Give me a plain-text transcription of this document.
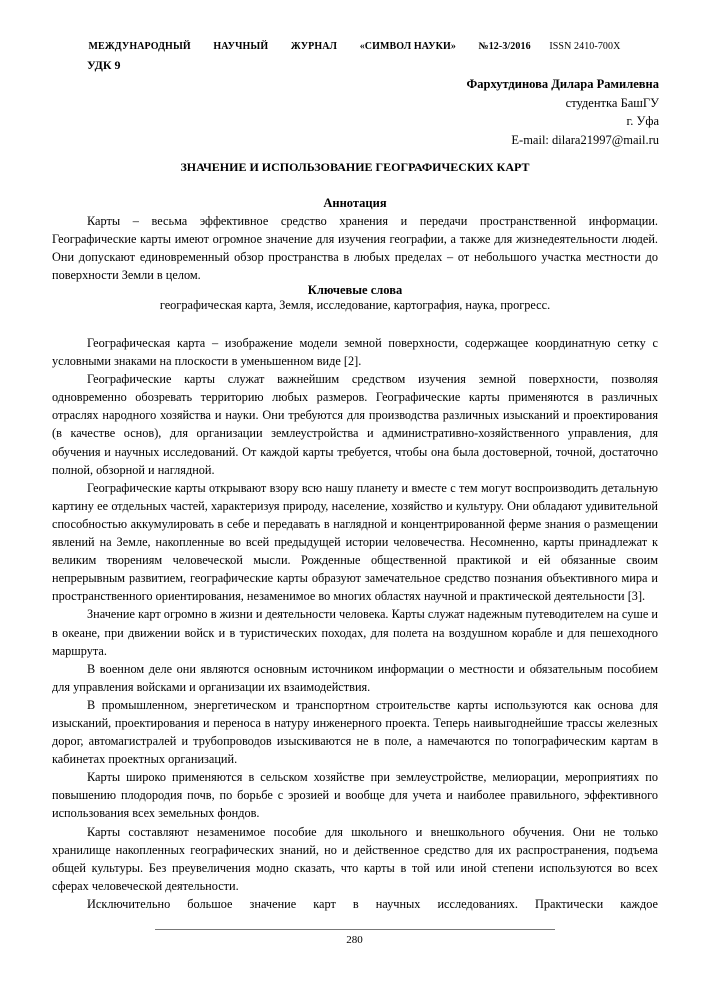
МЕЖДУНАРОДНЫЙ НАУЧНЫЙ ЖУРНАЛ «СИМВОЛ НАУКИ» №12-3/2016 ISSN 2410-700Х
УДК 9
Фархутдинова Дилара Рамилевна
студентка БашГУ
г. Уфа
E-mail: dilara21997@mail.ru
ЗНАЧЕНИЕ И ИСПОЛЬЗОВАНИЕ ГЕОГРАФИЧЕСКИХ КАРТ
Аннотация

Карты – весьма эффективное средство хранения и передачи пространственной информации. Географические карты имеют огромное значение для изучения географии, а также для жизнедеятельности людей. Они допускают единовременный обзор пространства в любых пределах – от небольшого участка местности до поверхности Земли в целом.

Ключевые слова
географическая карта, Земля, исследование, картография, наука, прогресс.

Географическая карта – изображение модели земной поверхности, содержащее координатную сетку с условными знаками на плоскости в уменьшенном виде [2].

Географические карты служат важнейшим средством изучения земной поверхности, позволяя одновременно обозревать территорию любых размеров. Географические карты применяются в различных отраслях народного хозяйства и науки. Они требуются для производства различных изысканий и проектирования (в качестве основ), для организации землеустройства и административно-хозяйственного управления, для обучения и научных исследований. От каждой карты требуется, чтобы она была достоверной, точной, достаточно полной, обзорной и наглядной.

Географические карты открывают взору всю нашу планету и вместе с тем могут воспроизводить детальную картину ее отдельных частей, характеризуя природу, население, хозяйство и культуру. Они обладают удивительной способностью аккумулировать в себе и передавать в наглядной и концентрированной ферме знания о размещении явлений на Земле, накопленные во всей предыдущей истории человечества. Несомненно, карты принадлежат к великим творениям человеческой мысли. Рожденные общественной практикой и ей обязанные своим непрерывным развитием, географические карты образуют замечательное средство познания объективного мира и пространственного ориентирования, незаменимое во многих областях научной и практической деятельности [3].

Значение карт огромно в жизни и деятельности человека. Карты служат надежным путеводителем на суше и в океане, при движении войск и в туристических походах, для полета на воздушном корабле и для пешеходного маршрута.

В военном деле они являются основным источником информации о местности и обязательным пособием для управления войсками и организации их взаимодействия.

В промышленном, энергетическом и транспортном строительстве карты используются как основа для изысканий, проектирования и переноса в натуру инженерного проекта. Теперь наивыгоднейшие трассы железных дорог, автомагистралей и трубопроводов изыскиваются не в поле, а намечаются по топографическим картам в кабинетах проектных организаций.

Карты широко применяются в сельском хозяйстве при землеустройстве, мелиорации, мероприятиях по повышению плодородия почв, по борьбе с эрозией и вообще для учета и наиболее правильного, эффективного использования всех земельных фондов.

Карты составляют незаменимое пособие для школьного и внешкольного обучения. Они не только хранилище накопленных географических знаний, но и действенное средство для их распространения, подъема общей культуры. Без преувеличения модно сказать, что карты в той или иной степени используются во всех сферах человеческой деятельности.

Исключительно большое значение карт в научных исследованиях. Практически каждое

280
